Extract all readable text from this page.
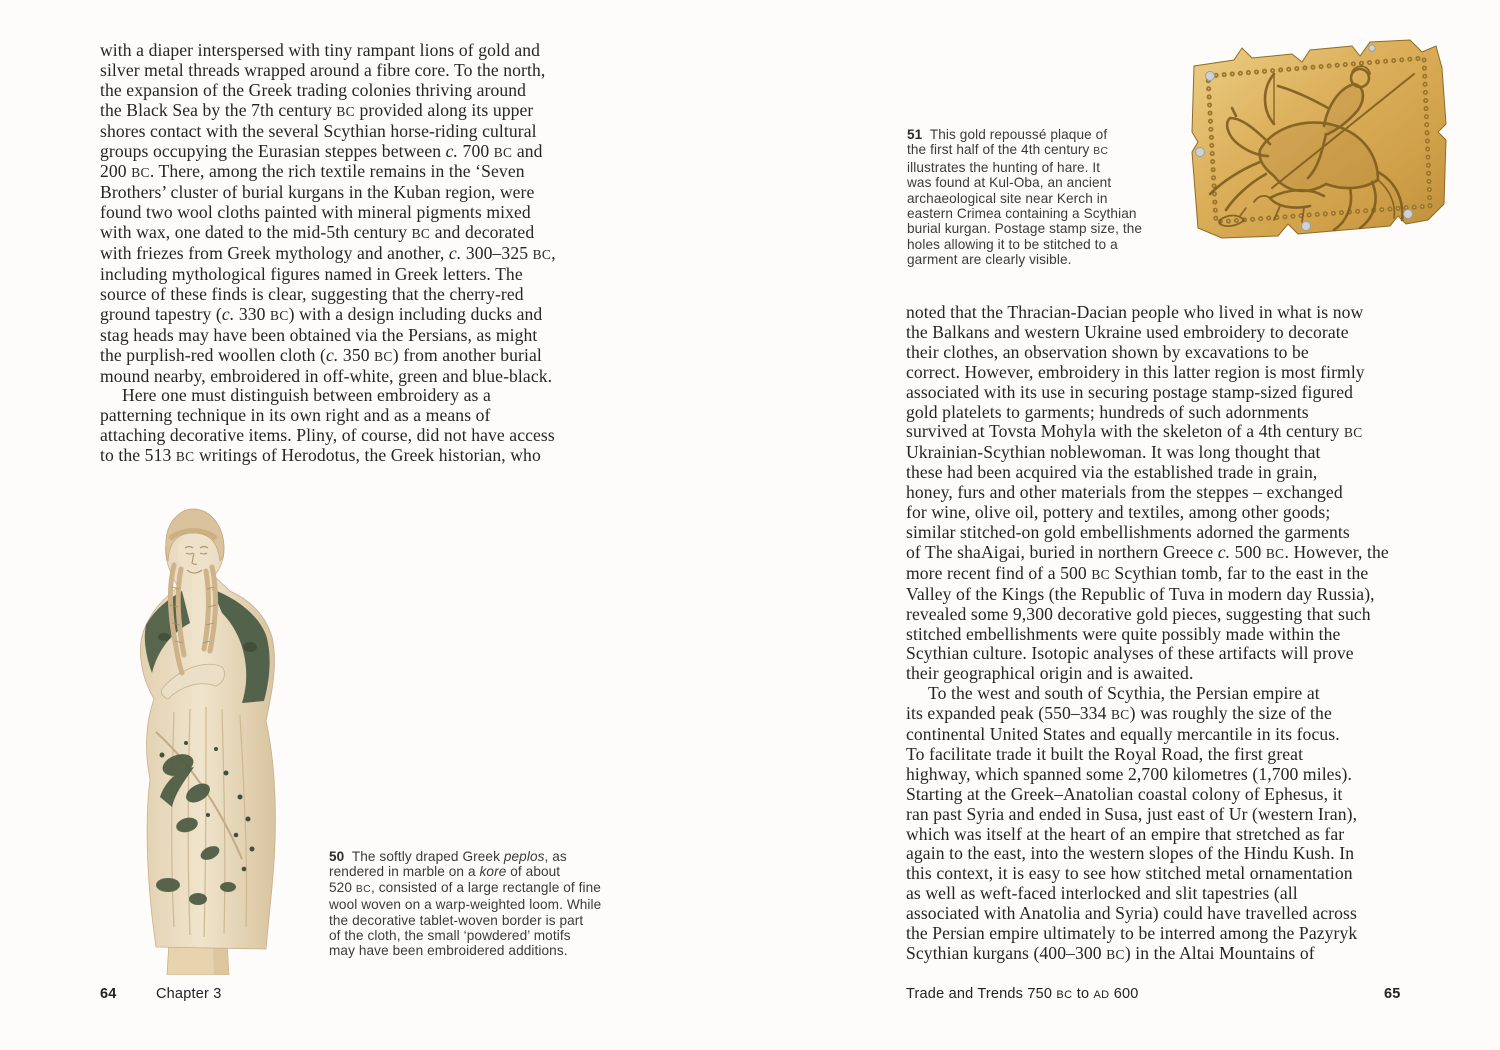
with a diaper interspersed with tiny rampant lions of gold and
silver metal threads wrapped around a fibre core. To the north,
the expansion of the Greek trading colonies thriving around
the Black Sea by the 7th century BC provided along its upper
shores contact with the several Scythian horse-riding cultural
groups occupying the Eurasian steppes between c. 700 BC and
200 BC. There, among the rich textile remains in the ‘Seven
Brothers’ cluster of burial kurgans in the Kuban region, were
found two wool cloths painted with mineral pigments mixed
with wax, one dated to the mid-5th century BC and decorated
with friezes from Greek mythology and another, c. 300–325 BC,
including mythological figures named in Greek letters. The
source of these finds is clear, suggesting that the cherry-red
ground tapestry (c. 330 BC) with a design including ducks and
stag heads may have been obtained via the Persians, as might
the purplish-red woollen cloth (c. 350 BC) from another burial
mound nearby, embroidered in off-white, green and blue-black.
Here one must distinguish between embroidery as a
patterning technique in its own right and as a means of
attaching decorative items. Pliny, of course, did not have access
to the 513 BC writings of Herodotus, the Greek historian, who
50  The softly draped Greek peplos, as
rendered in marble on a kore of about
520 BC, consisted of a large rectangle of fine
wool woven on a warp-weighted loom. While
the decorative tablet-woven border is part
of the cloth, the small ‘powdered’ motifs
may have been embroidered additions.
64	Chapter 3
51  This gold repoussé plaque of
the first half of the 4th century BC
illustrates the hunting of hare. It
was found at Kul-Oba, an ancient
archaeological site near Kerch in
eastern Crimea containing a Scythian
burial kurgan. Postage stamp size, the
holes allowing it to be stitched to a
garment are clearly visible.
noted that the Thracian-Dacian people who lived in what is now
the Balkans and western Ukraine used embroidery to decorate
their clothes, an observation shown by excavations to be
correct. However, embroidery in this latter region is most firmly
associated with its use in securing postage stamp-sized figured
gold platelets to garments; hundreds of such adornments
survived at Tovsta Mohyla with the skeleton of a 4th century BC
Ukrainian-Scythian noblewoman. It was long thought that
these had been acquired via the established trade in grain,
honey, furs and other materials from the steppes – exchanged
for wine, olive oil, pottery and textiles, among other goods;
similar stitched-on gold embellishments adorned the garments
of The shaAigai, buried in northern Greece c. 500 BC. However, the
more recent find of a 500 BC Scythian tomb, far to the east in the
Valley of the Kings (the Republic of Tuva in modern day Russia),
revealed some 9,300 decorative gold pieces, suggesting that such
stitched embellishments were quite possibly made within the
Scythian culture. Isotopic analyses of these artifacts will prove
their geographical origin and is awaited.
To the west and south of Scythia, the Persian empire at
its expanded peak (550–334 BC) was roughly the size of the
continental United States and equally mercantile in its focus.
To facilitate trade it built the Royal Road, the first great
highway, which spanned some 2,700 kilometres (1,700 miles).
Starting at the Greek–Anatolian coastal colony of Ephesus, it
ran past Syria and ended in Susa, just east of Ur (western Iran),
which was itself at the heart of an empire that stretched as far
again to the east, into the western slopes of the Hindu Kush. In
this context, it is easy to see how stitched metal ornamentation
as well as weft-faced interlocked and slit tapestries (all
associated with Anatolia and Syria) could have travelled across
the Persian empire ultimately to be interred among the Pazyryk
Scythian kurgans (400–300 BC) in the Altai Mountains of
Trade and Trends 750 BC to AD 600	65
